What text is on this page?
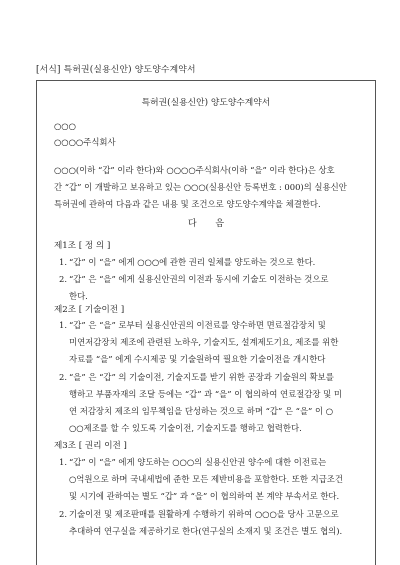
[서식] 특허권(실용신안) 양도양수계약서
특허권(실용신안) 양도양수계약서
○○○
○○○○주식회사
○○○(이하 “갑” 이라 한다)와 ○○○○주식회사(이하 “을” 이라 한다)은 상호
간 “갑” 이 개발하고 보유하고 있는 ○○○(실용신안 등록번호 : 000)의 실용신안
특허권에 관하여 다음과 같은 내용 및 조건으로 양도양수계약을 체결한다.
다 음
제1조 [ 정 의 ]
1. “갑” 이 “을” 에게 ○○○에 관한 권리 일체를 양도하는 것으로 한다.
2. “갑” 은 “을” 에게 실용신안권의 이전과 동시에 기술도 이전하는 것으로
한다.
제2조 [ 기술이전 ]
1. “갑” 은 “을” 로부터 실용신안권의 이전료를 양수하면 면료절감장치 및
미연저감장치 제조에 관련된 노하우, 기술지도, 설계제도기요, 제조를 위한
자료를 “을” 에게 수시제공 및 기술원하여 필요한 기술이전을 개시한다
2. “을” 은 “갑” 의 기술이전, 기술지도를 받기 위한 공장과 기술원의 확보를
행하고 부품자재의 조달 등에는 “갑” 과 “을” 이 협의하여 연료절감장 및 미
연 저감장치 제조의 임무책임을 단성하는 것으로 하며 “갑” 은 “을” 이 ○
○○제조를 할 수 있도록 기술이전, 기술지도를 행하고 협력한다.
제3조 [ 권리 이전 ]
1. “갑” 이 “을” 에게 양도하는 ○○○의 실용신안권 양수에 대한 이전료는
○억원으로 하며 국내세법에 준한 모든 제반비용을 포함한다. 또한 지급조건
및 시기에 관하여는 별도 “갑” 과 “을” 이 협의하여 본 계약 부속서로 한다.
2. 기술이전 및 제조판매를 원활하게 수행하기 위하여 ○○○을 당사 고문으로
추대하여 연구실을 제공하기로 한다(연구실의 소재지 및 조건은 별도 협의).
